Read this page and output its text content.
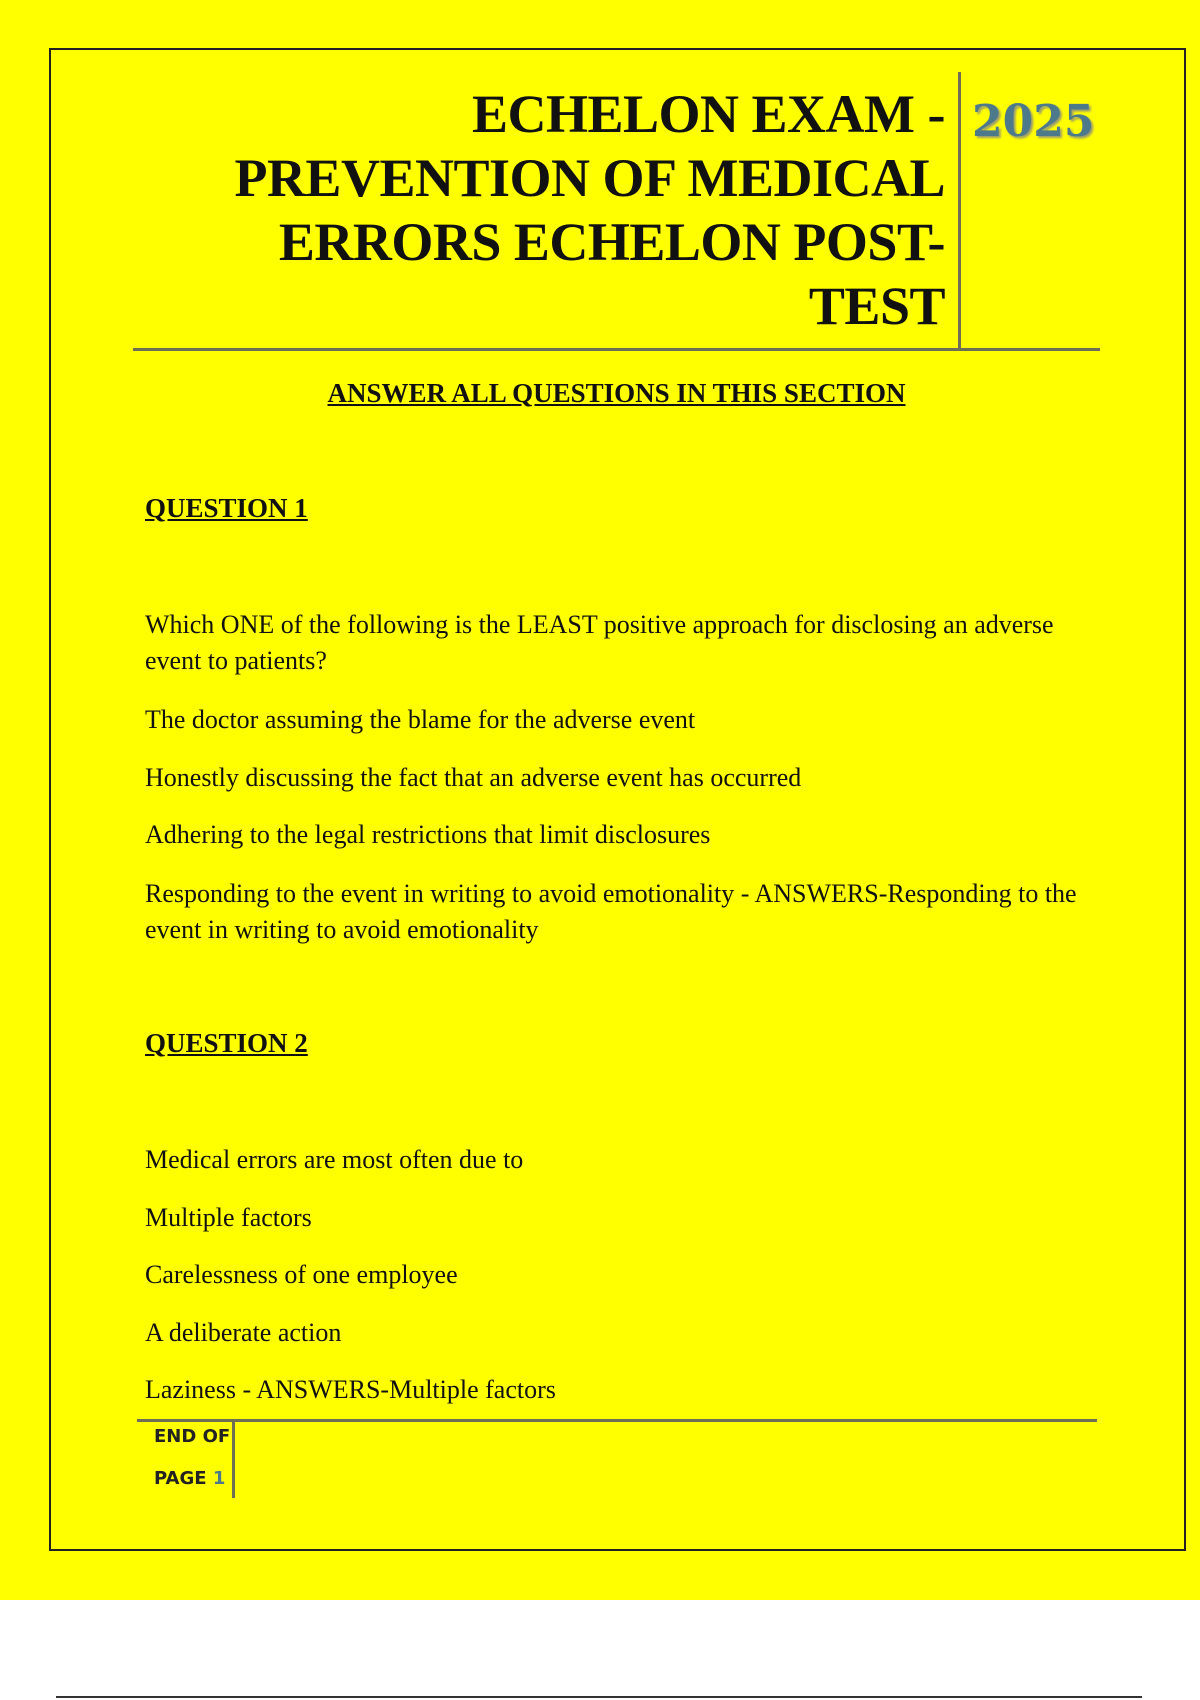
ECHELON EXAM -
PREVENTION OF MEDICAL
ERRORS ECHELON POST-
TEST
2025
ANSWER ALL QUESTIONS IN THIS SECTION
QUESTION 1
Which ONE of the following is the LEAST positive approach for disclosing an adverse event to patients?
The doctor assuming the blame for the adverse event
Honestly discussing the fact that an adverse event has occurred
Adhering to the legal restrictions that limit disclosures
Responding to the event in writing to avoid emotionality - ANSWERS-Responding to the event in writing to avoid emotionality
QUESTION 2
Medical errors are most often due to
Multiple factors
Carelessness of one employee
A deliberate action
Laziness - ANSWERS-Multiple factors
END OF
PAGE 1
